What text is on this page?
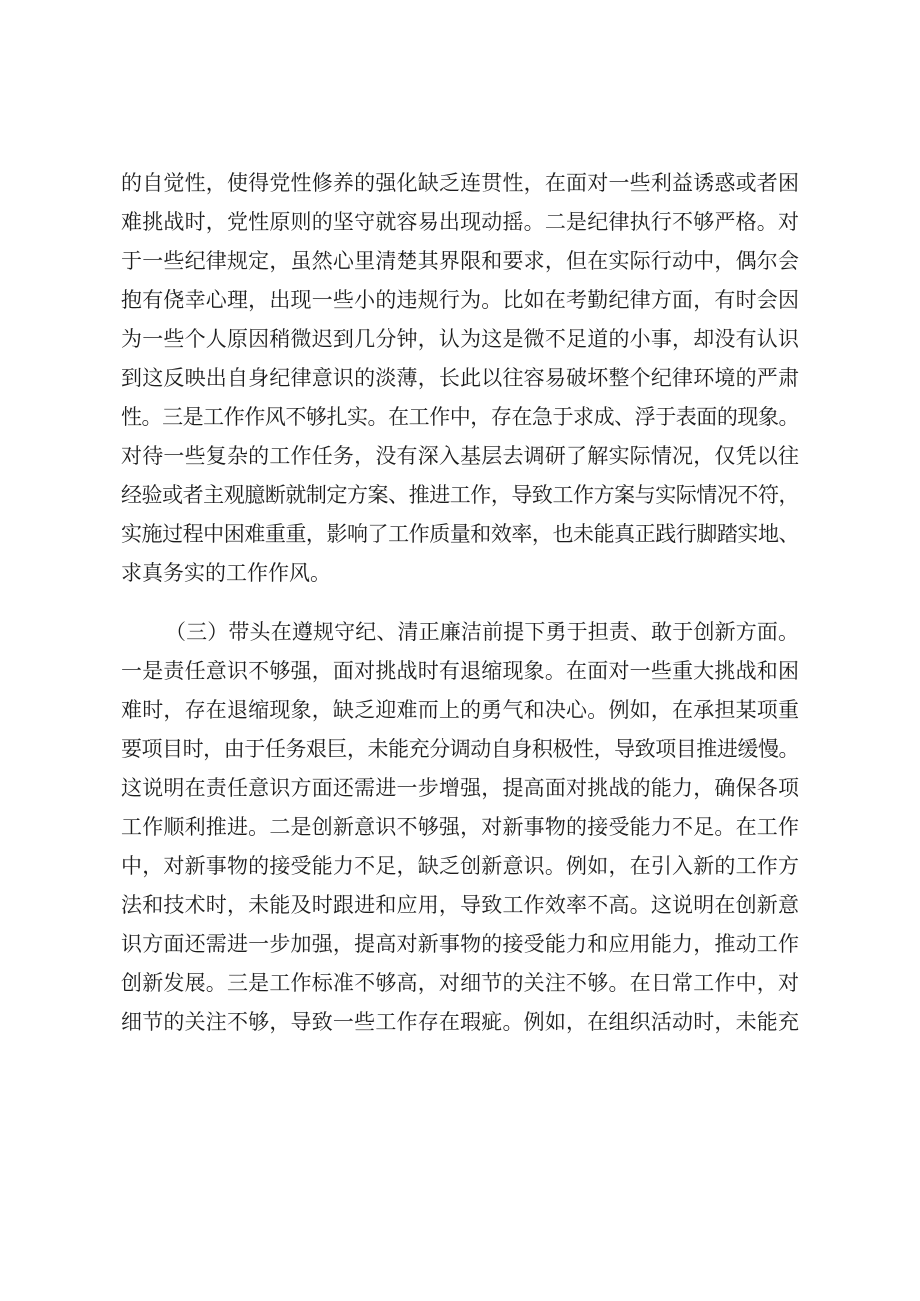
的自觉性，使得党性修养的强化缺乏连贯性，在面对一些利益诱惑或者困
难挑战时，党性原则的坚守就容易出现动摇。二是纪律执行不够严格。对
于一些纪律规定，虽然心里清楚其界限和要求，但在实际行动中，偶尔会
抱有侥幸心理，出现一些小的违规行为。比如在考勤纪律方面，有时会因
为一些个人原因稍微迟到几分钟，认为这是微不足道的小事，却没有认识
到这反映出自身纪律意识的淡薄，长此以往容易破坏整个纪律环境的严肃
性。三是工作作风不够扎实。在工作中，存在急于求成、浮于表面的现象。
对待一些复杂的工作任务，没有深入基层去调研了解实际情况，仅凭以往
经验或者主观臆断就制定方案、推进工作，导致工作方案与实际情况不符，
实施过程中困难重重，影响了工作质量和效率，也未能真正践行脚踏实地、
求真务实的工作作风。
（三）带头在遵规守纪、清正廉洁前提下勇于担责、敢于创新方面。
一是责任意识不够强，面对挑战时有退缩现象。在面对一些重大挑战和困
难时，存在退缩现象，缺乏迎难而上的勇气和决心。例如，在承担某项重
要项目时，由于任务艰巨，未能充分调动自身积极性，导致项目推进缓慢。
这说明在责任意识方面还需进一步增强，提高面对挑战的能力，确保各项
工作顺利推进。二是创新意识不够强，对新事物的接受能力不足。在工作
中，对新事物的接受能力不足，缺乏创新意识。例如，在引入新的工作方
法和技术时，未能及时跟进和应用，导致工作效率不高。这说明在创新意
识方面还需进一步加强，提高对新事物的接受能力和应用能力，推动工作
创新发展。三是工作标准不够高，对细节的关注不够。在日常工作中，对
细节的关注不够，导致一些工作存在瑕疵。例如，在组织活动时，未能充
